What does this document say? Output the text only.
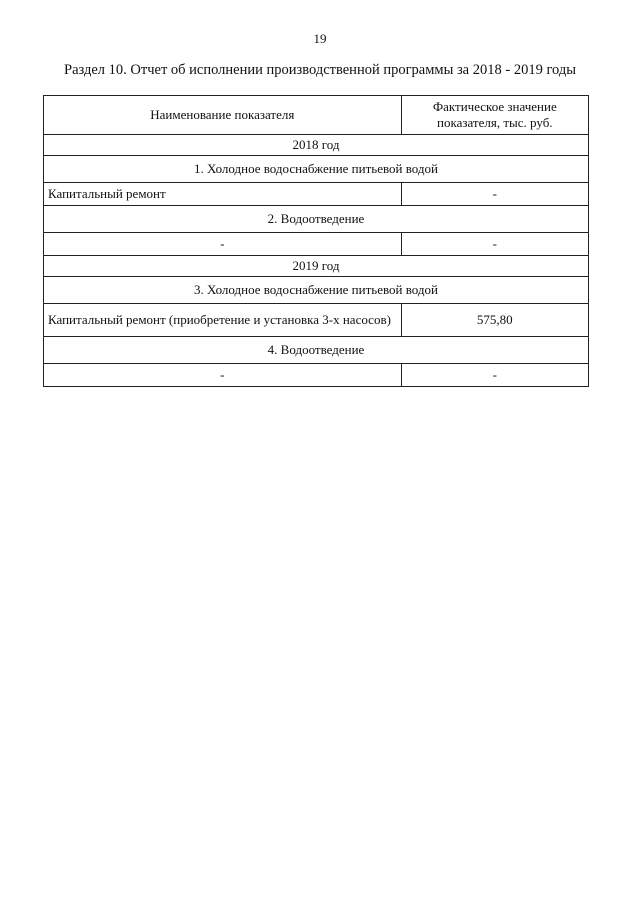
19
Раздел 10. Отчет об исполнении производственной программы за 2018 - 2019 годы
Наименование показателя	Фактическое значение показателя, тыс. руб.
2018 год	
1. Холодное водоснабжение питьевой водой	
Капитальный ремонт	-
2. Водоотведение	
-	-
2019 год	
3. Холодное водоснабжение питьевой водой	
Капитальный ремонт (приобретение и установка 3-х насосов)	575,80
4. Водоотведение	
-	-
